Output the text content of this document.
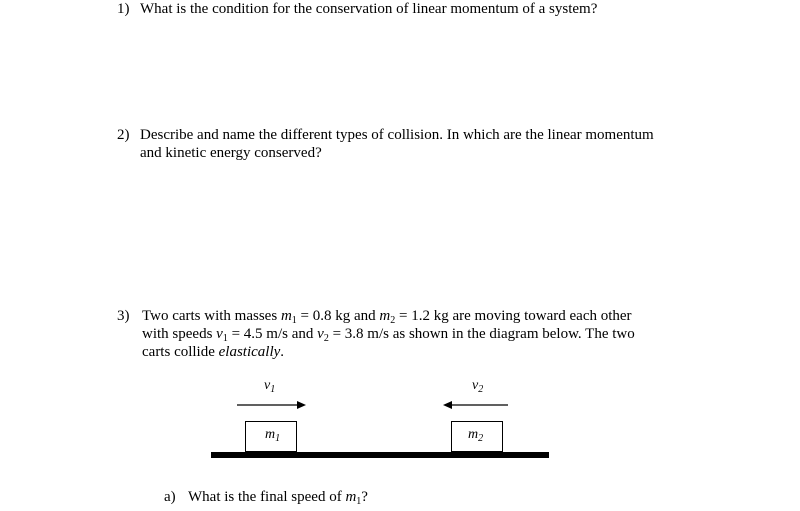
1) What is the condition for the conservation of linear momentum of a system?
2) Describe and name the different types of collision. In which are the linear momentum
and kinetic energy conserved?
3) Two carts with masses $m_1 = 0.8$ kg and $m_2 = 1.2$ kg are moving toward each other
with speeds $v_1 = 4.5$ m/s and $v_2 = 3.8$ m/s as shown in the diagram below. The two
carts collide elastically.
$v_1$	$v_2$
$m_1$	$m_2$
a) What is the final speed of $m_1$?
